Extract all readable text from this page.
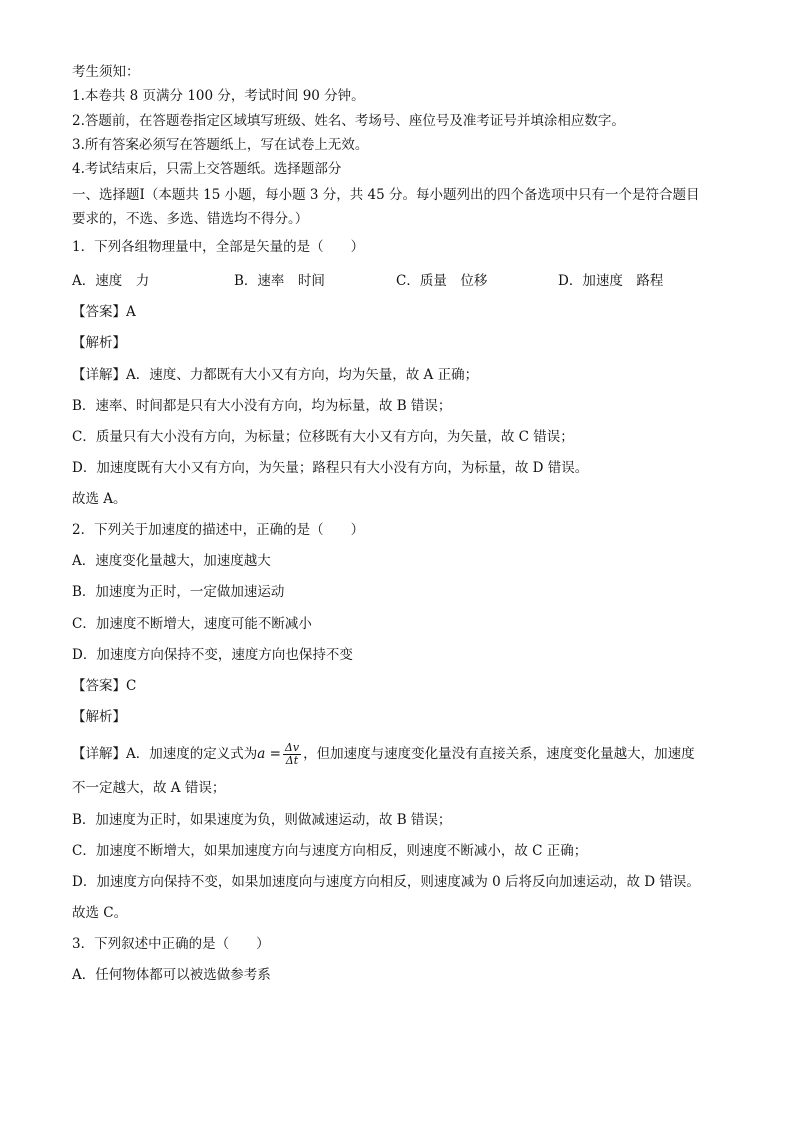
考生须知：
1.本卷共 8 页满分 100 分，考试时间 90 分钟。
2.答题前，在答题卷指定区域填写班级、姓名、考场号、座位号及准考证号并填涂相应数字。
3.所有答案必须写在答题纸上，写在试卷上无效。
4.考试结束后，只需上交答题纸。选择题部分
一、选择题Ⅰ（本题共 15 小题，每小题 3 分，共 45 分。每小题列出的四个备选项中只有一个是符合题目
要求的，不选、多选、错选均不得分。）
1．下列各组物理量中，全部是矢量的是（　　）
A．速度　力	B．速率　时间	C．质量　位移	D．加速度　路程
【答案】A
【解析】
【详解】A．速度、力都既有大小又有方向，均为矢量，故 A 正确；
B．速率、时间都是只有大小没有方向，均为标量，故 B 错误；
C．质量只有大小没有方向，为标量；位移既有大小又有方向，为矢量，故 C 错误；
D．加速度既有大小又有方向，为矢量；路程只有大小没有方向，为标量，故 D 错误。
故选 A。
2．下列关于加速度的描述中，正确的是（　　）
A．速度变化量越大，加速度越大
B．加速度为正时，一定做加速运动
C．加速度不断增大，速度可能不断减小
D．加速度方向保持不变，速度方向也保持不变
【答案】C
【解析】
【详解】A．加速度的定义式为$a = \frac{\Delta v}{\Delta t}$ ，但加速度与速度变化量没有直接关系，速度变化量越大，加速度
不一定越大，故 A 错误；
B．加速度为正时，如果速度为负，则做减速运动，故 B 错误；
C．加速度不断增大，如果加速度方向与速度方向相反，则速度不断减小，故 C 正确；
D．加速度方向保持不变，如果加速度向与速度方向相反，则速度减为 0 后将反向加速运动，故 D 错误。
故选 C。
3．下列叙述中正确的是（　　）
A．任何物体都可以被选做参考系
